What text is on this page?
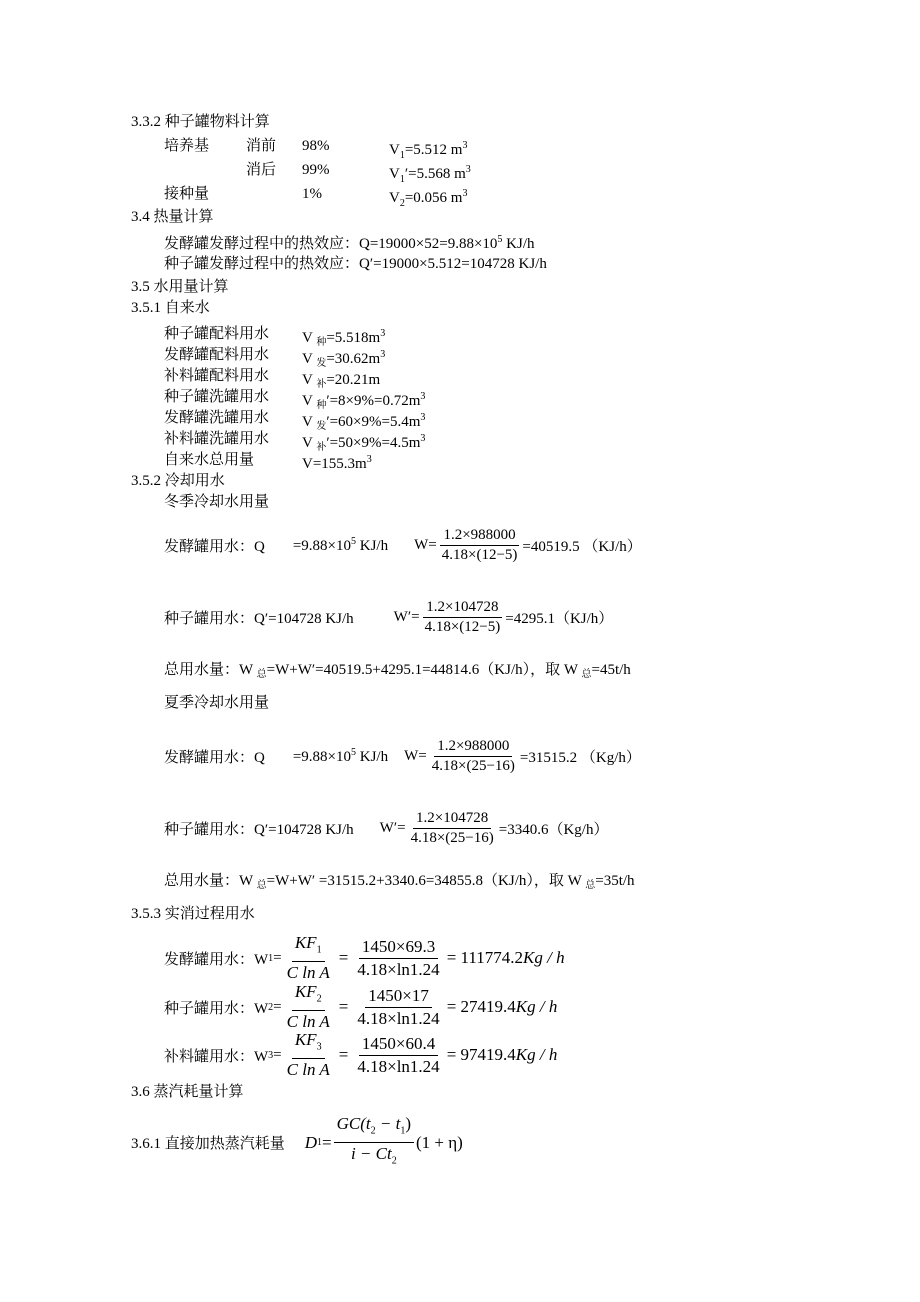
3.3.2 种子罐物料计算
培养基 消前 98%	$V_1=5.512$ $m^3$
消后 99%	$V_1'=5.568$ $m^3$
接种量	1%	$V_2=0.056$ $m^3$
3.4 热量计算
发酵罐发酵过程中的热效应：$Q=19000\times 52=9.88\times 10^5$ KJ/h
种子罐发酵过程中的热效应：Q′=19000×5.512=104728 KJ/h
3.5 水用量计算
3.5.1 自来水
种子罐配料用水 V $_种=5.518m^3$
发酵罐配料用水 V $_发=30.62m^3$
补料罐配料用水 V $_补$=20.21m
种子罐洗罐用水 V $_种'=8\times 9\%=0.72m^3$
发酵罐洗罐用水 V $_发'=60\times 9\%=5.4m^3$
补料罐洗罐用水 V $_补'=50\times 9\%=4.5m^3$
自来水总用量	$V=155.3m^3$
3.5.2 冷却用水
冬季冷却水用量
发酵罐用水：$Q =9.88\times 10^5$ KJ/h $W= \frac{1.2\times 988000}{4.18\times(12-5)} =40519.5$ （KJ/h）
种子罐用水：Q′=104728 KJ/h	$W'= \frac{1.2\times 104728}{4.18\times(12-5)} =4295.1(KJ/h)$
总用水量：W $_总$=W+W′=40519.5+4295.1=44814.6（KJ/h），取 W $_总$=45t/h
夏季冷却水用量
发酵罐用水：$Q =9.88\times 10^5$ KJ/h $W= \frac{1.2\times 988000}{4.18\times(25-16)} =31515.2$ （Kg/h）
种子罐用水：Q′=104728 KJ/h $W'= \frac{1.2\times 104728}{4.18\times(25-16)} =3340.6(Kg/h)$
总用水量：W $_总$=W+W′ =31515.2+3340.6=34855.8（KJ/h），取 W $_总$=35t/h
3.5.3 实消过程用水
发酵罐用水：W $1 = \frac{KF_1}{\text{C ln A}} = \frac{1450\times 69.3}{4.18\times\ln 1.24} = 111774.2$ Kg / h
种子罐用水：W $2 = \frac{KF_2}{\text{C ln A}} = \frac{1450\times 17}{4.18\times\ln 1.24} = 27419.4$ Kg / h
补料罐用水：W $3 = \frac{KF_3}{\text{C ln A}} = \frac{1450\times 60.4}{4.18\times\ln 1.24} = 97419.4$ Kg / h
3.6 蒸汽耗量计算
3.6.1 直接加热蒸汽耗量 D $1 = \frac{GC(t_2 - t_1)}{i - Ct_2} (1 + \eta)$
